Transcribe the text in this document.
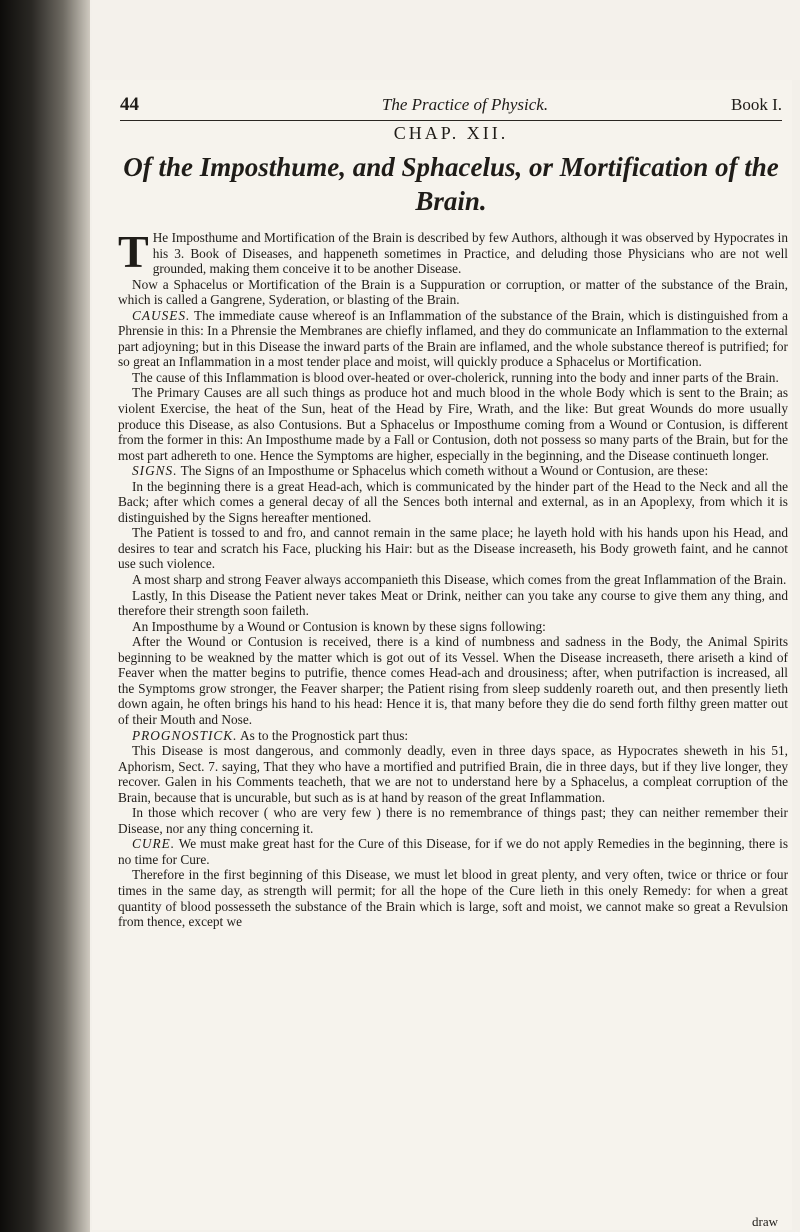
44	The Practice of Physick.	Book I.
CHAP. XII.
Of the Imposthume, and Sphacelus, or Mortification of the Brain.

T He Imposthume and Mortification of the Brain is described by few Authors, although it was observed by Hypocrates in his 3. Book of Diseases, and happeneth sometimes in Practice, and deluding those Physicians who are not well grounded, making them conceive it to be another Disease.

Now a Sphacelus or Mortification of the Brain is a Suppuration or corruption, or matter of the substance of the Brain, which is called a Gangrene, Syderation, or blasting of the Brain.

CAUSES. The immediate cause whereof is an Inflammation of the substance of the Brain, which is distinguished from a Phrensie in this: In a Phrensie the Membranes are chiefly inflamed, and they do communicate an Inflammation to the external part adjoyning; but in this Disease the inward parts of the Brain are inflamed, and the whole substance thereof is putrified; for so great an Inflammation in a most tender place and moist, will quickly produce a Sphacelus or Mortification.

The cause of this Inflammation is blood over-heated or over-cholerick, running into the body and inner parts of the Brain.

The Primary Causes are all such things as produce hot and much blood in the whole Body which is sent to the Brain; as violent Exercise, the heat of the Sun, heat of the Head by Fire, Wrath, and the like: But great Wounds do more usually produce this Disease, as also Contusions. But a Sphacelus or Imposthume coming from a Wound or Contusion, is different from the former in this: An Imposthume made by a Fall or Contusion, doth not possess so many parts of the Brain, but for the most part adhereth to one. Hence the Symptoms are higher, especially in the beginning, and the Disease continueth longer.

SIGNS. The Signs of an Imposthume or Sphacelus which cometh without a Wound or Contusion, are these:

In the beginning there is a great Head-ach, which is communicated by the hinder part of the Head to the Neck and all the Back; after which comes a general decay of all the Sences both internal and external, as in an Apoplexy, from which it is distinguished by the Signs hereafter mentioned.

The Patient is tossed to and fro, and cannot remain in the same place; he layeth hold with his hands upon his Head, and desires to tear and scratch his Face, plucking his Hair: but as the Disease increaseth, his Body groweth faint, and he cannot use such violence.

A most sharp and strong Feaver always accompanieth this Disease, which comes from the great Inflammation of the Brain.

Lastly, In this Disease the Patient never takes Meat or Drink, neither can you take any course to give them any thing, and therefore their strength soon faileth.

An Imposthume by a Wound or Contusion is known by these signs following:

After the Wound or Contusion is received, there is a kind of numbness and sadness in the Body, the Animal Spirits beginning to be weakned by the matter which is got out of its Vessel. When the Disease increaseth, there ariseth a kind of Feaver when the matter begins to putrifie, thence comes Head-ach and drousiness; after, when putrifaction is increased, all the Symptoms grow stronger, the Feaver sharper; the Patient rising from sleep suddenly roareth out, and then presently lieth down again, he often brings his hand to his head: Hence it is, that many before they die do send forth filthy green matter out of their Mouth and Nose.

PROGNOSTICK. As to the Prognostick part thus:

This Disease is most dangerous, and commonly deadly, even in three days space, as Hypocrates sheweth in his 51, Aphorism, Sect. 7. saying, That they who have a mortified and putrified Brain, die in three days, but if they live longer, they recover. Galen in his Comments teacheth, that we are not to understand here by a Sphacelus, a compleat corruption of the Brain, because that is uncurable, but such as is at hand by reason of the great Inflammation.

In those which recover ( who are very few ) there is no remembrance of things past; they can neither remember their Disease, nor any thing concerning it.

CURE. We must make great hast for the Cure of this Disease, for if we do not apply Remedies in the beginning, there is no time for Cure.

Therefore in the first beginning of this Disease, we must let blood in great plenty, and very often, twice or thrice or four times in the same day, as strength will permit; for all the hope of the Cure lieth in this onely Remedy: for when a great quantity of blood possesseth the substance of the Brain which is large, soft and moist, we cannot make so great a Revulsion from thence, except we

draw
